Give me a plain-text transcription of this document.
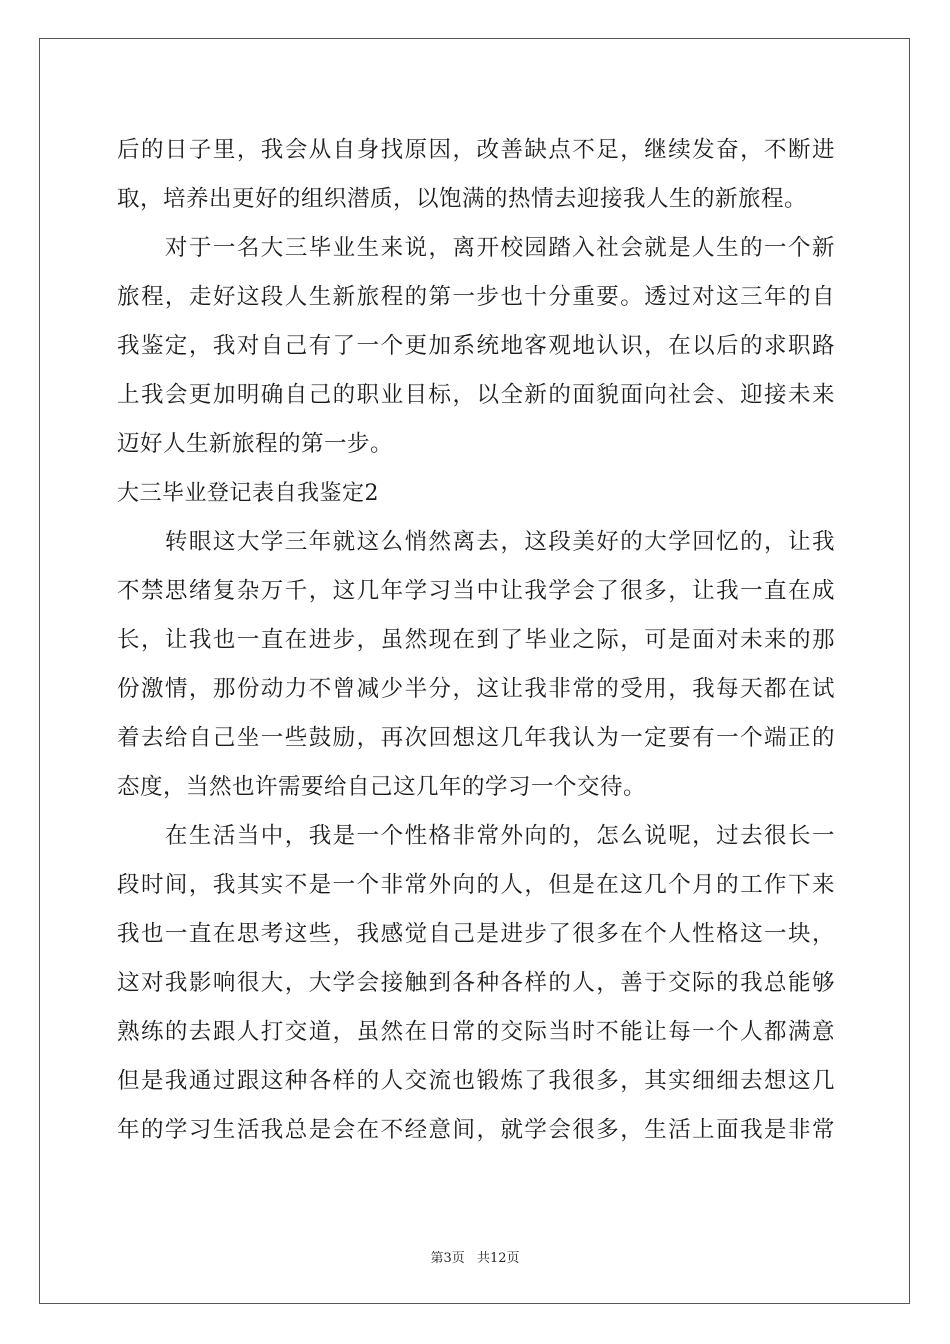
后的日子里，我会从自身找原因，改善缺点不足，继续发奋，不断进
取，培养出更好的组织潜质，以饱满的热情去迎接我人生的新旅程。
　　对于一名大三毕业生来说，离开校园踏入社会就是人生的一个新
旅程，走好这段人生新旅程的第一步也十分重要。透过对这三年的自
我鉴定，我对自己有了一个更加系统地客观地认识，在以后的求职路
上我会更加明确自己的职业目标，以全新的面貌面向社会、迎接未来
迈好人生新旅程的第一步。
大三毕业登记表自我鉴定2
　　转眼这大学三年就这么悄然离去，这段美好的大学回忆的，让我
不禁思绪复杂万千，这几年学习当中让我学会了很多，让我一直在成
长，让我也一直在进步，虽然现在到了毕业之际，可是面对未来的那
份激情，那份动力不曾减少半分，这让我非常的受用，我每天都在试
着去给自己坐一些鼓励，再次回想这几年我认为一定要有一个端正的
态度，当然也许需要给自己这几年的学习一个交待。
　　在生活当中，我是一个性格非常外向的，怎么说呢，过去很长一
段时间，我其实不是一个非常外向的人，但是在这几个月的工作下来
我也一直在思考这些，我感觉自己是进步了很多在个人性格这一块，
这对我影响很大，大学会接触到各种各样的人，善于交际的我总能够
熟练的去跟人打交道，虽然在日常的交际当时不能让每一个人都满意
但是我通过跟这种各样的人交流也锻炼了我很多，其实细细去想这几
年的学习生活我总是会在不经意间，就学会很多，生活上面我是非常
第3页 共12页
